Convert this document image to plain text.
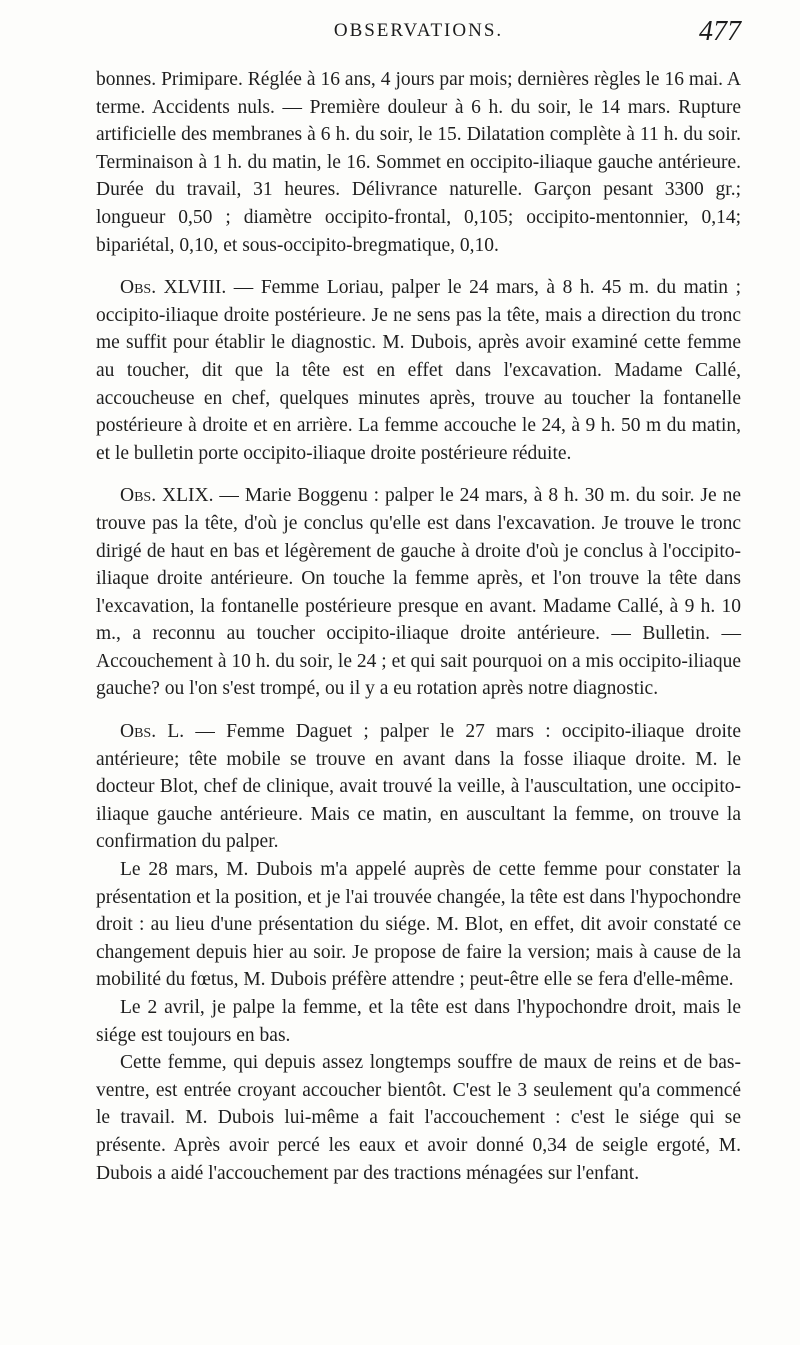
OBSERVATIONS.	477

bonnes. Primipare. Réglée à 16 ans, 4 jours par mois; dernières règles le 16 mai. A terme. Accidents nuls. — Première douleur à 6 h. du soir, le 14 mars. Rupture artificielle des membranes à 6 h. du soir, le 15. Dilatation complète à 11 h. du soir. Terminaison à 1 h. du matin, le 16. Sommet en occipito-iliaque gauche antérieure. Durée du travail, 31 heures. Délivrance naturelle. Garçon pesant 3300 gr.; longueur 0,50 ; diamètre occipito-frontal, 0,105; occipito-mentonnier, 0,14; bipariétal, 0,10, et sous-occipito-bregmatique, 0,10.

Obs. XLVIII. — Femme Loriau, palper le 24 mars, à 8 h. 45 m. du matin ; occipito-iliaque droite postérieure. Je ne sens pas la tête, mais a direction du tronc me suffit pour établir le diagnostic. M. Dubois, après avoir examiné cette femme au toucher, dit que la tête est en effet dans l'excavation. Madame Callé, accoucheuse en chef, quelques minutes après, trouve au toucher la fontanelle postérieure à droite et en arrière. La femme accouche le 24, à 9 h. 50 m du matin, et le bulletin porte occipito-iliaque droite postérieure réduite.

Obs. XLIX. — Marie Boggenu : palper le 24 mars, à 8 h. 30 m. du soir. Je ne trouve pas la tête, d'où je conclus qu'elle est dans l'excavation. Je trouve le tronc dirigé de haut en bas et légèrement de gauche à droite d'où je conclus à l'occipito-iliaque droite antérieure. On touche la femme après, et l'on trouve la tête dans l'excavation, la fontanelle postérieure presque en avant. Madame Callé, à 9 h. 10 m., a reconnu au toucher occipito-iliaque droite antérieure. — Bulletin. — Accouchement à 10 h. du soir, le 24 ; et qui sait pourquoi on a mis occipito-iliaque gauche? ou l'on s'est trompé, ou il y a eu rotation après notre diagnostic.

Obs. L. — Femme Daguet ; palper le 27 mars : occipito-iliaque droite antérieure; tête mobile se trouve en avant dans la fosse iliaque droite. M. le docteur Blot, chef de clinique, avait trouvé la veille, à l'auscultation, une occipito-iliaque gauche antérieure. Mais ce matin, en auscultant la femme, on trouve la confirmation du palper.

Le 28 mars, M. Dubois m'a appelé auprès de cette femme pour constater la présentation et la position, et je l'ai trouvée changée, la tête est dans l'hypochondre droit : au lieu d'une présentation du siége. M. Blot, en effet, dit avoir constaté ce changement depuis hier au soir. Je propose de faire la version; mais à cause de la mobilité du fœtus, M. Dubois préfère attendre ; peut-être elle se fera d'elle-même.

Le 2 avril, je palpe la femme, et la tête est dans l'hypochondre droit, mais le siége est toujours en bas.

Cette femme, qui depuis assez longtemps souffre de maux de reins et de bas-ventre, est entrée croyant accoucher bientôt. C'est le 3 seulement qu'a commencé le travail. M. Dubois lui-même a fait l'accouchement : c'est le siége qui se présente. Après avoir percé les eaux et avoir donné 0,34 de seigle ergoté, M. Dubois a aidé l'accouchement par des tractions ménagées sur l'enfant.
